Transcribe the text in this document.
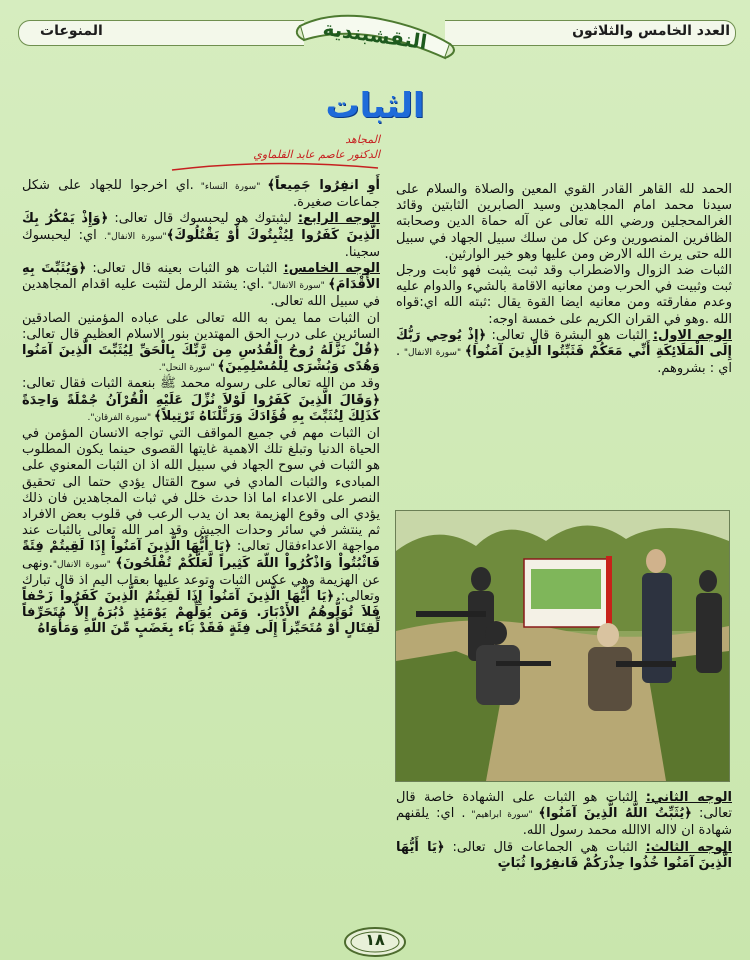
العدد الخامس والثلاثون
المنوعات	النقشبندية
الثبات
المجاهد
الدكتور عاصم عابد القلماوي

الحمد لله القاهر القادر القوي المعين والصلاة والسلام على سيدنا محمد امام المجاهدين وسيد الصابرين الثابتين وقائد الغرالمحجلين ورضي الله تعالى عن آله حماة الدين وصحابته الظافرين المنصورين وعن كل من سلك سبيل الجهاد في سبيل الله حتى يرث الله الارض ومن عليها وهو خير الوارثين.

الثبات ضد الزوال والاضطراب وقد ثبت يثبت فهو ثابت ورجل ثبت وثبيت في الحرب ومن معانيه الاقامة بالشيء والدوام عليه وعدم مفارقته ومن معانيه ايضا القوة يقال :ثبته الله اي:قواه الله .وهو في القران الكريم على خمسة اوجه:

الوجه الاول: الثبات هو البشرة قال تعالى: ﴿إِذْ يُوحِي رَبُّكَ إِلَى الْمَلَائِكَةِ أَنِّي مَعَكُمْ فَثَبِّتُوا الَّذِينَ آمَنُوا﴾ "سورة الانفال" . اي : بشروهم.

الوجه الثاني: الثبات هو الثبات على الشهادة خاصة قال تعالى: ﴿يُثَبِّتُ اللَّهُ الَّذِينَ آمَنُوا﴾ "سورة ابراهيم" . اي: يلقنهم شهادة ان لااله الاالله محمد رسول الله.

الوجه الثالث: الثبات هي الجماعات قال تعالى: ﴿يَا أَيُّهَا الَّذِينَ آمَنُوا خُذُوا حِذْرَكُمْ فَانفِرُوا ثُبَاتٍ

أَوِ انفِرُوا جَمِيعاً﴾ "سورة النساء" .اي اخرجوا للجهاد على شكل جماعات صغيرة.

الوجه الرابع: ليثبتوك هو ليحبسوك قال تعالى: ﴿وَإِذْ يَمْكُرُ بِكَ الَّذِينَ كَفَرُوا لِيُثْبِتُوكَ أَوْ يَقْتُلُوكَ﴾"سورة الانفال". اي: ليحبسوك سجينا.

الوجه الخامس: الثبات هو الثبات بعينه قال تعالى: ﴿وَيُثَبِّتَ بِهِ الأَقْدَامَ﴾ "سورة الانفال" .اي: يشتد الرمل لتثبت عليه اقدام المجاهدين في سبيل الله تعالى.

ان الثبات مما يمن به الله تعالى على عباده المؤمنين الصادقين السائرين على درب الحق المهتدين بنور الاسلام العظيم قال تعالى: ﴿قُلْ نَزَّلَهُ رُوحُ الْقُدُسِ مِن رَّبِّكَ بِالْحَقِّ لِيُثَبِّتَ الَّذِينَ آمَنُوا وَهُدًى وَبُشْرَى لِلْمُسْلِمِينَ﴾ "سورة النحل".

وقد من الله تعالى على رسوله محمد ﷺ بنعمة الثبات فقال تعالى:﴿وَقَالَ الَّذِينَ كَفَرُوا لَوْلاَ نُزِّلَ عَلَيْهِ الْقُرْآنُ جُمْلَةً وَاحِدَةً كَذَلِكَ لِنُثَبِّتَ بِهِ فُؤَادَكَ وَرَتَّلْنَاهُ تَرْتِيلاً﴾ "سورة الفرقان".

ان الثبات مهم في جميع المواقف التي تواجه الانسان المؤمن في الحياة الدنيا وتبلغ تلك الاهمية غايتها القصوى حينما يكون المطلوب هو الثبات في سوح الجهاد في سبيل الله اذ ان الثبات المعنوي على المبادىء والثبات المادي في سوح القتال يؤدي حتما الى تحقيق النصر على الاعداء اما اذا حدث خلل في ثبات المجاهدين فان ذلك يؤدي الى وقوع الهزيمة بعد ان يدب الرعب في قلوب بعض الافراد ثم ينتشر في سائر وحدات الجيش وقد امر الله تعالى بالثبات عند مواجهة الاعداءفقال تعالى: ﴿يَا أَيُّهَا الَّذِينَ آمَنُواْ إِذَا لَقِيتُمْ فِئَةً فَاثْبُتُواْ وَاذْكُرُواْ اللّهَ كَثِيراً لَّعَلَّكُمْ تُفْلَحُونَ﴾ "سورة الانفال".ونهى عن الهزيمة وهي عكس الثبات وتوعد عليها بعقاب اليم اذ قال تبارك وتعالى: ﴿يَا أَيُّهَا الَّذِينَ آمَنُواْ إِذَا لَقِيتُمُ الَّذِينَ كَفَرُواْ زَحْفاً فَلاَ تُوَلُّوهُمُ الأَدْبَارَ. وَمَن يُوَلِّهِمْ يَوْمَئِذٍ دُبُرَهُ إِلاَّ مُتَحَرِّفاً لِّقِتَالٍ أَوْ مُتَحَيِّزاً إِلَى فِئَةٍ فَقَدْ بَاء بِغَضَبٍ مِّنَ اللّهِ وَمَأْوَاهُ

١٨
